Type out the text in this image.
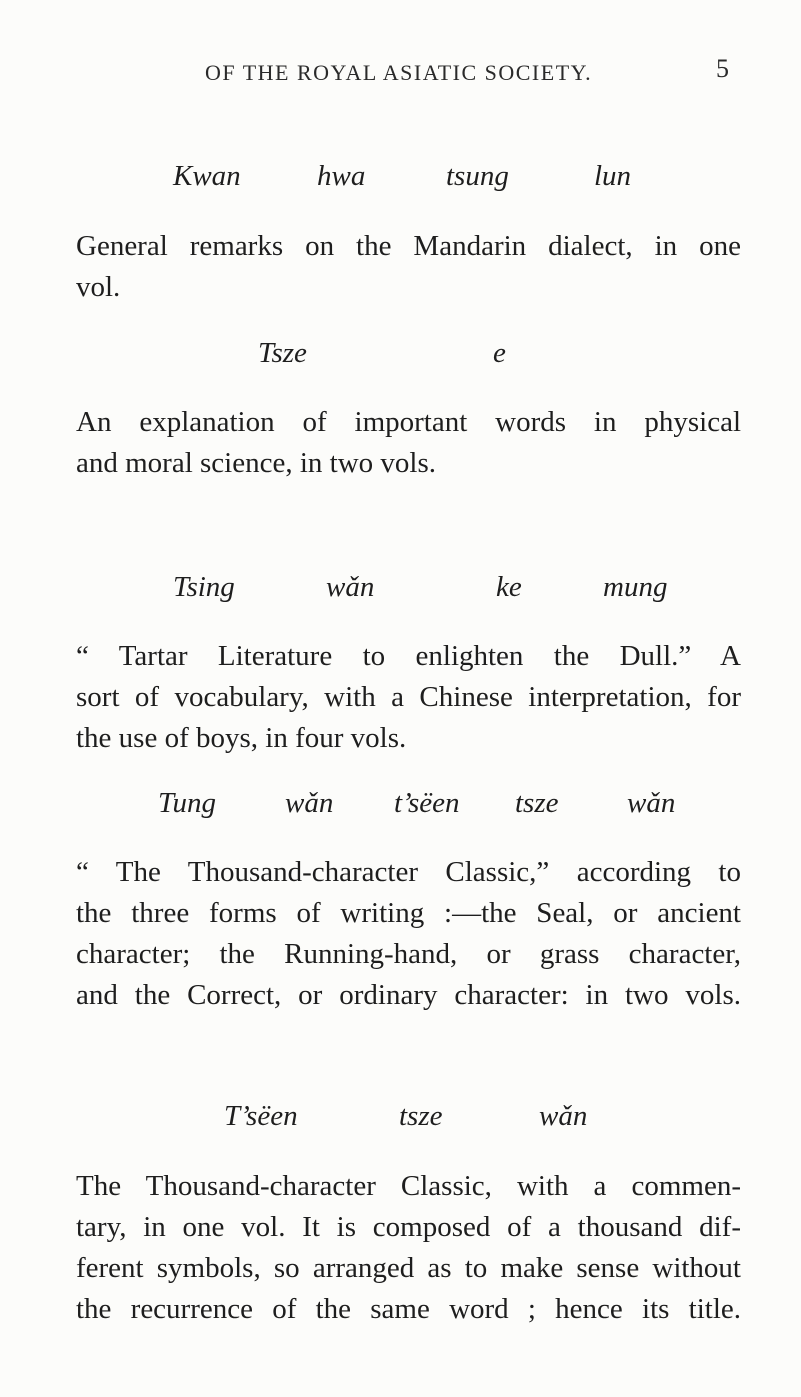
OF THE ROYAL ASIATIC SOCIETY.	5
Kwan	hwa	tsung	lun
General remarks on the Mandarin dialect, in one
vol.
Tsze	e
An explanation of important words in physical
and moral science, in two vols.
Tsing	wǎn	ke	mung
“ Tartar Literature to enlighten the Dull.” A
sort of vocabulary, with a Chinese interpretation, for
the use of boys, in four vols.
Tung wǎn t’sëen tsze wǎn
“ The Thousand-character Classic,” according to
the three forms of writing :—the Seal, or ancient
character; the Running-hand, or grass character,
and the Correct, or ordinary character: in two vols.
T’sëen	tsze	wǎn
The Thousand-character Classic, with a commen-
tary, in one vol. It is composed of a thousand dif-
ferent symbols, so arranged as to make sense without
the recurrence of the same word ; hence its title.
